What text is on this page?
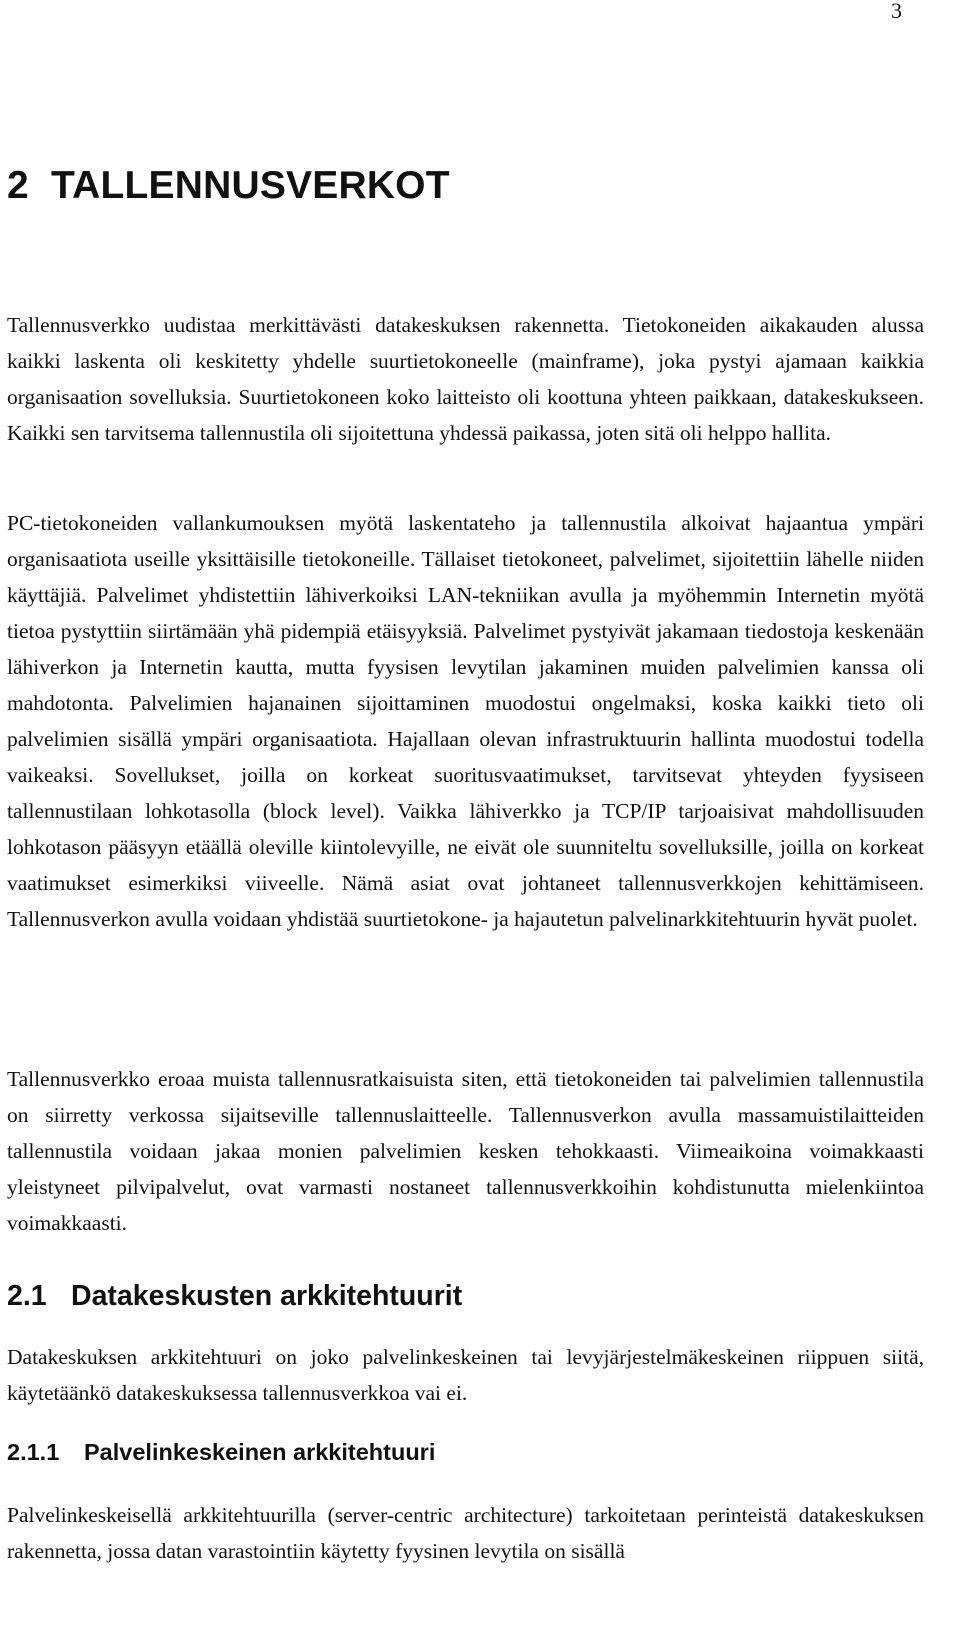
3
2 TALLENNUSVERKOT

Tallennusverkko uudistaa merkittävästi datakeskuksen rakennetta. Tietokoneiden aikakauden alussa kaikki laskenta oli keskitetty yhdelle suurtietokoneelle (mainframe), joka pystyi ajamaan kaikkia organisaation sovelluksia. Suurtietokoneen koko laitteisto oli koottuna yhteen paikkaan, datakeskukseen. Kaikki sen tarvitsema tallennustila oli sijoitettuna yhdessä paikassa, joten sitä oli helppo hallita.

PC-tietokoneiden vallankumouksen myötä laskentateho ja tallennustila alkoivat hajaantua ympäri organisaatiota useille yksittäisille tietokoneille. Tällaiset tietokoneet, palvelimet, sijoitettiin lähelle niiden käyttäjiä. Palvelimet yhdistettiin lähiverkoiksi LAN-tekniikan avulla ja myöhemmin Internetin myötä tietoa pystyttiin siirtämään yhä pidempiä etäisyyksiä. Palvelimet pystyivät jakamaan tiedostoja keskenään lähiverkon ja Internetin kautta, mutta fyysisen levytilan jakaminen muiden palvelimien kanssa oli mahdotonta. Palvelimien hajanainen sijoittaminen muodostui ongelmaksi, koska kaikki tieto oli palvelimien sisällä ympäri organisaatiota. Hajallaan olevan infrastruktuurin hallinta muodostui todella vaikeaksi. Sovellukset, joilla on korkeat suoritusvaatimukset, tarvitsevat yhteyden fyysiseen tallennustilaan lohkotasolla (block level). Vaikka lähiverkko ja TCP/IP tarjoaisivat mahdollisuuden lohkotason pääsyyn etäällä oleville kiintolevyille, ne eivät ole suunniteltu sovelluksille, joilla on korkeat vaatimukset esimerkiksi viiveelle. Nämä asiat ovat johtaneet tallennusverkkojen kehittämiseen. Tallennusverkon avulla voidaan yhdistää suurtietokone- ja hajautetun palvelinarkkitehtuurin hyvät puolet.

Tallennusverkko eroaa muista tallennusratkaisuista siten, että tietokoneiden tai palvelimien tallennustila on siirretty verkossa sijaitseville tallennuslaitteelle. Tallennusverkon avulla massamuistilaitteiden tallennustila voidaan jakaa monien palvelimien kesken tehokkaasti. Viimeaikoina voimakkaasti yleistyneet pilvipalvelut, ovat varmasti nostaneet tallennusverkkoihin kohdistunutta mielenkiintoa voimakkaasti.

2.1 Datakeskusten arkkitehtuurit

Datakeskuksen arkkitehtuuri on joko palvelinkeskeinen tai levyjärjestelmäkeskeinen riippuen siitä, käytetäänkö datakeskuksessa tallennusverkkoa vai ei.

2.1.1 Palvelinkeskeinen arkkitehtuuri

Palvelinkeskeisellä arkkitehtuurilla (server-centric architecture) tarkoitetaan perinteistä datakeskuksen rakennetta, jossa datan varastointiin käytetty fyysinen levytila on sisällä
